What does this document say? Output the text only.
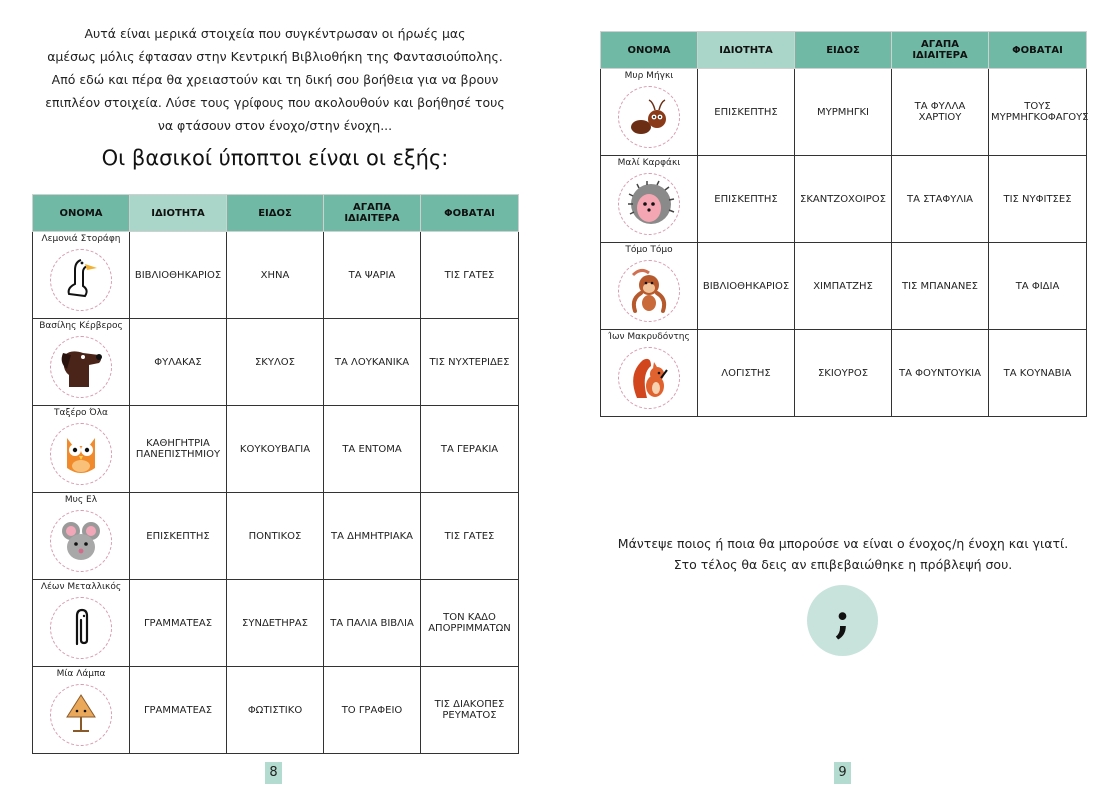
Αυτά είναι μερικά στοιχεία που συγκέντρωσαν οι ήρωές μας

αμέσως μόλις έφτασαν στην Κεντρική Βιβλιοθήκη της Φαντασιούπολης.

Από εδώ και πέρα θα χρειαστούν και τη δική σου βοήθεια για να βρουν

επιπλέον στοιχεία. Λύσε τους γρίφους που ακολουθούν και βοήθησέ τους

να φτάσουν στον ένοχο/στην ένοχη...

Οι βασικοί ύποπτοι είναι οι εξής:
ΟΝΟΜΑ	ΙΔΙΟΤΗΤΑ	ΕΙΔΟΣ	ΑΓΑΠΑ ΙΔΙΑΙΤΕΡΑ	ΦΟΒΑΤΑΙ

Λεμονιά Στοράφη	ΒΙΒΛΙΟΘΗΚΑΡΙΟΣ	ΧΗΝΑ	ΤΑ ΨΑΡΙΑ	ΤΙΣ ΓΑΤΕΣ

Βασίλης Κέρβερος	ΦΥΛΑΚΑΣ	ΣΚΥΛΟΣ	ΤΑ ΛΟΥΚΑΝΙΚΑ	ΤΙΣ ΝΥΧΤΕΡΙΔΕΣ

Ταξέρο Όλα	ΚΑΘΗΓΗΤΡΙΑ ΠΑΝΕΠΙΣΤΗΜΙΟΥ	ΚΟΥΚΟΥΒΑΓΙΑ	ΤΑ ΕΝΤΟΜΑ	ΤΑ ΓΕΡΑΚΙΑ

Μυς Ελ	ΕΠΙΣΚΕΠΤΗΣ	ΠΟΝΤΙΚΟΣ	ΤΑ ΔΗΜΗΤΡΙΑΚΑ	ΤΙΣ ΓΑΤΕΣ

Λέων Μεταλλικός	ΓΡΑΜΜΑΤΕΑΣ	ΣΥΝΔΕΤΗΡΑΣ	ΤΑ ΠΑΛΙΑ ΒΙΒΛΙΑ	ΤΟΝ ΚΑΔΟ ΑΠΟΡΡΙΜΜΑΤΩΝ

Μία Λάμπα	ΓΡΑΜΜΑΤΕΑΣ	ΦΩΤΙΣΤΙΚΟ	ΤΟ ΓΡΑΦΕΙΟ	ΤΙΣ ΔΙΑΚΟΠΕΣ ΡΕΥΜΑΤΟΣ
8
ΟΝΟΜΑ	ΙΔΙΟΤΗΤΑ	ΕΙΔΟΣ	ΑΓΑΠΑ ΙΔΙΑΙΤΕΡΑ	ΦΟΒΑΤΑΙ

Μυρ Μήγκι	ΕΠΙΣΚΕΠΤΗΣ	ΜΥΡΜΗΓΚΙ	ΤΑ ΦΥΛΛΑ ΧΑΡΤΙΟΥ	ΤΟΥΣ ΜΥΡΜΗΓΚΟΦΑΓΟΥΣ

Μαλί Καρφάκι	ΕΠΙΣΚΕΠΤΗΣ	ΣΚΑΝΤΖΟΧΟΙΡΟΣ	ΤΑ ΣΤΑΦΥΛΙΑ	ΤΙΣ ΝΥΦΙΤΣΕΣ

Τόμο Τόμο	ΒΙΒΛΙΟΘΗΚΑΡΙΟΣ	ΧΙΜΠΑΤΖΗΣ	ΤΙΣ ΜΠΑΝΑΝΕΣ	ΤΑ ΦΙΔΙΑ

Ίων Μακρυδόντης	ΛΟΓΙΣΤΗΣ	ΣΚΙΟΥΡΟΣ	ΤΑ ΦΟΥΝΤΟΥΚΙΑ	ΤΑ ΚΟΥΝΑΒΙΑ

Μάντεψε ποιος ή ποια θα μπορούσε να είναι ο ένοχος/η ένοχη και γιατί.

Στο τέλος θα δεις αν επιβεβαιώθηκε η πρόβλεψή σου.

;
9
